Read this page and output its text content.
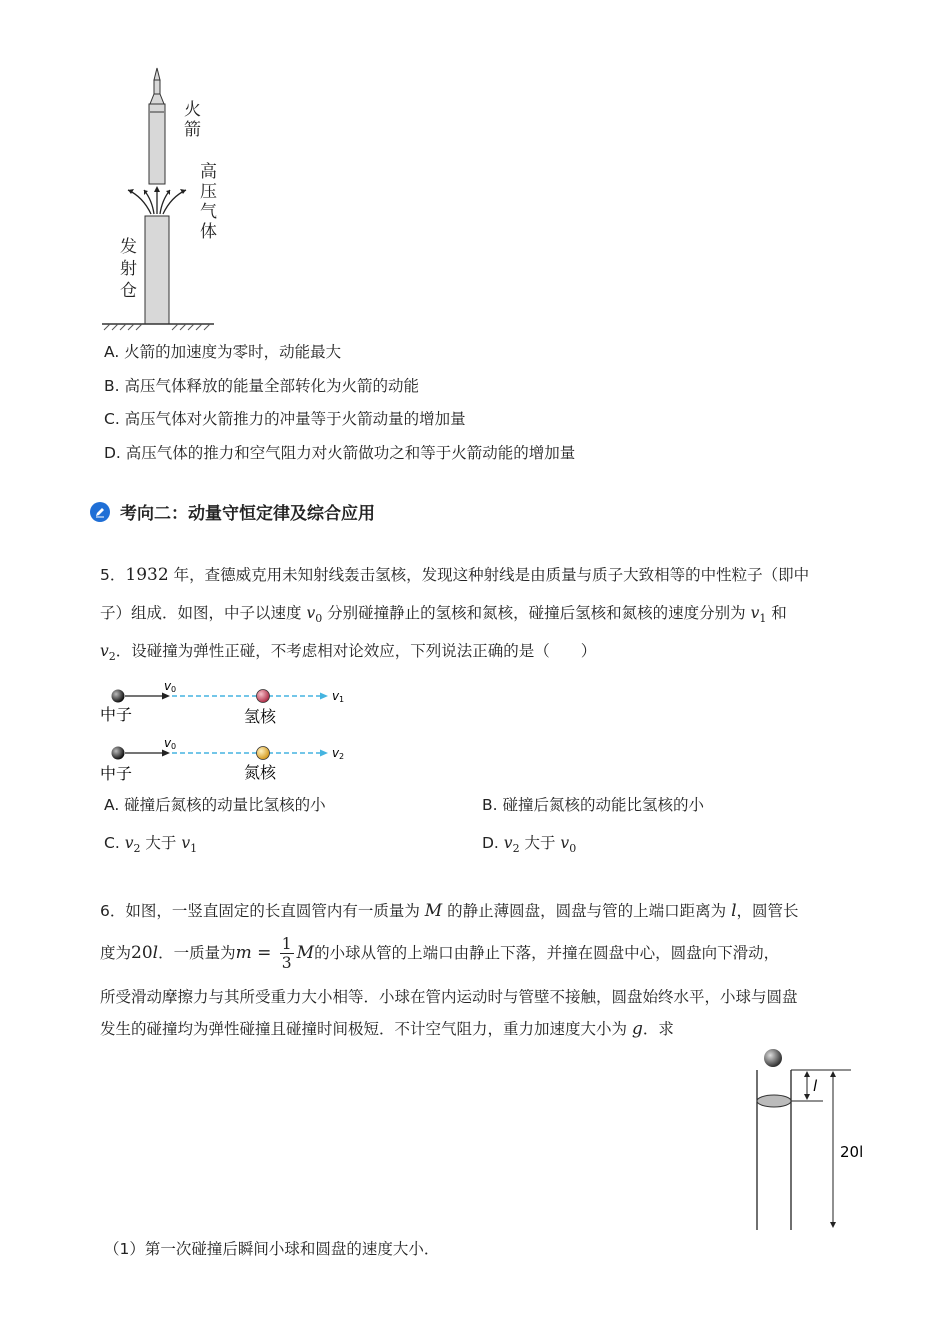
火箭
高压气体
发射仓
A. 火箭的加速度为零时，动能最大
B. 高压气体释放的能量全部转化为火箭的动能
C. 高压气体对火箭推力的冲量等于火箭动量的增加量
D. 高压气体的推力和空气阻力对火箭做功之和等于火箭动能的增加量
考向二：动量守恒定律及综合应用
5．1932 年，查德威克用未知射线轰击氢核，发现这种射线是由质量与质子大致相等的中性粒子（即中
子）组成．如图，中子以速度 $v_0$ 分别碰撞静止的氢核和氮核，碰撞后氢核和氮核的速度分别为 $v_1$ 和
$v_2$．设碰撞为弹性正碰，不考虑相对论效应，下列说法正确的是（　　）
v 0	v 1
中子	氢核
v 0	v 2
中子	氮核
A. 碰撞后氮核的动量比氢核的小	B. 碰撞后氮核的动能比氢核的小
C. $v_2$ 大于 $v_1$	D. $v_2$ 大于 $v_0$
6．如图，一竖直固定的长直圆管内有一质量为 M 的静止薄圆盘，圆盘与管的上端口距离为 l，圆管长
度为 20 l ．一质量为 $m = \frac{1}{3}$ M 的小球从管的上端口由静止下落，并撞在圆盘中心，圆盘向下滑动，
所受滑动摩擦力与其所受重力大小相等．小球在管内运动时与管壁不接触，圆盘始终水平，小球与圆盘
发生的碰撞均为弹性碰撞且碰撞时间极短．不计空气阻力，重力加速度大小为 g．求
l
20l
（1）第一次碰撞后瞬间小球和圆盘的速度大小．
